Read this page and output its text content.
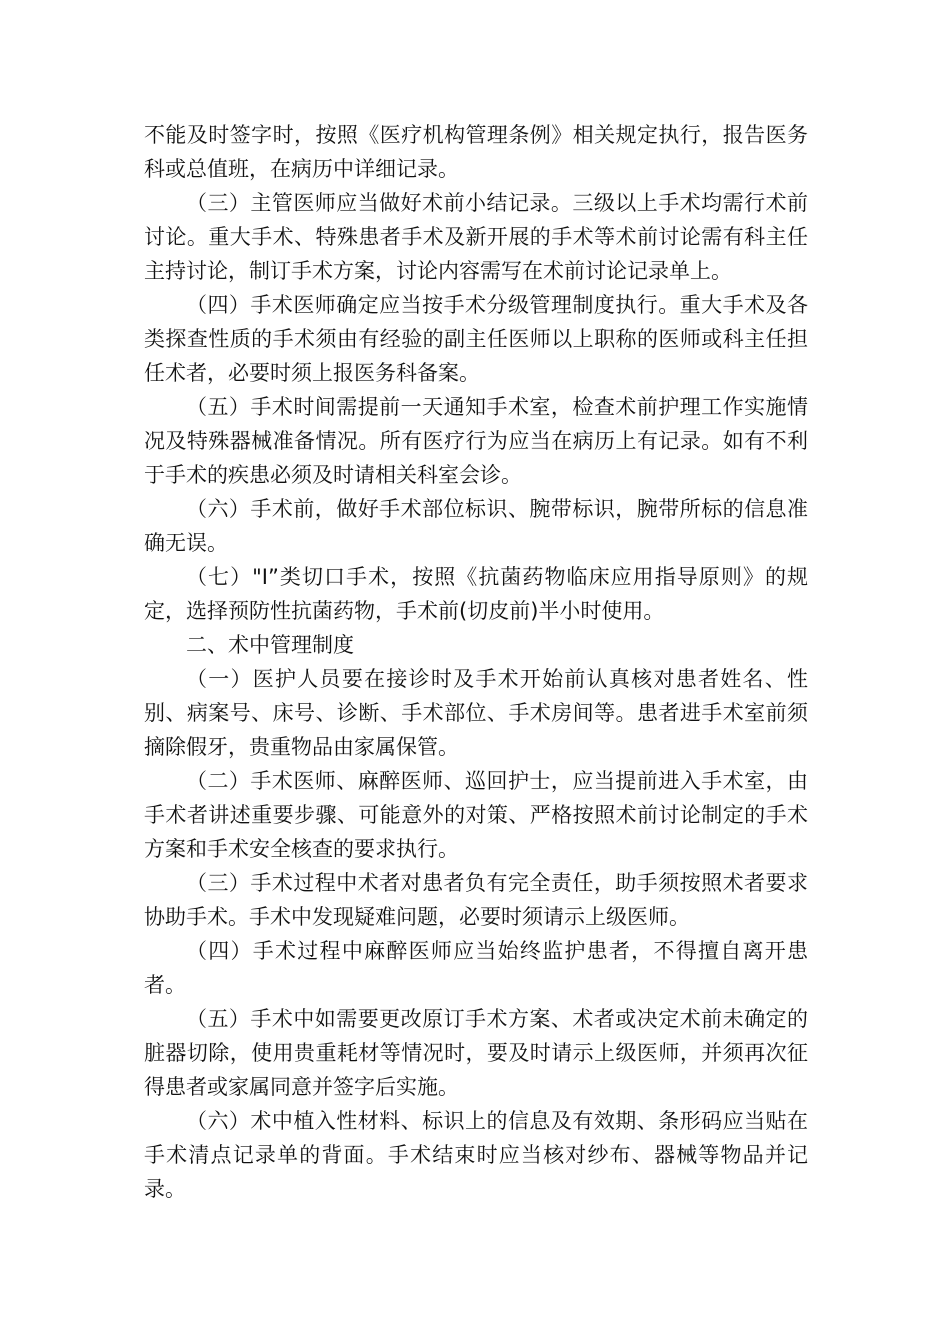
不能及时签字时，按照《医疗机构管理条例》相关规定执行，报告医务科或总值班，在病历中详细记录。

（三）主管医师应当做好术前小结记录。三级以上手术均需行术前讨论。重大手术、特殊患者手术及新开展的手术等术前讨论需有科主任主持讨论，制订手术方案，讨论内容需写在术前讨论记录单上。

（四）手术医师确定应当按手术分级管理制度执行。重大手术及各类探查性质的手术须由有经验的副主任医师以上职称的医师或科主任担任术者，必要时须上报医务科备案。

（五）手术时间需提前一天通知手术室，检查术前护理工作实施情况及特殊器械准备情况。所有医疗行为应当在病历上有记录。如有不利于手术的疾患必须及时请相关科室会诊。

（六）手术前，做好手术部位标识、腕带标识，腕带所标的信息准确无误。

（七）"I”类切口手术，按照《抗菌药物临床应用指导原则》的规定，选择预防性抗菌药物，手术前(切皮前)半小时使用。

二、术中管理制度

（一）医护人员要在接诊时及手术开始前认真核对患者姓名、性别、病案号、床号、诊断、手术部位、手术房间等。患者进手术室前须摘除假牙，贵重物品由家属保管。

（二）手术医师、麻醉医师、巡回护士，应当提前进入手术室，由手术者讲述重要步骤、可能意外的对策、严格按照术前讨论制定的手术方案和手术安全核查的要求执行。

（三）手术过程中术者对患者负有完全责任，助手须按照术者要求协助手术。手术中发现疑难问题，必要时须请示上级医师。

（四）手术过程中麻醉医师应当始终监护患者，不得擅自离开患者。

（五）手术中如需要更改原订手术方案、术者或决定术前未确定的脏器切除，使用贵重耗材等情况时，要及时请示上级医师，并须再次征得患者或家属同意并签字后实施。

（六）术中植入性材料、标识上的信息及有效期、条形码应当贴在手术清点记录单的背面。手术结束时应当核对纱布、器械等物品并记录。
